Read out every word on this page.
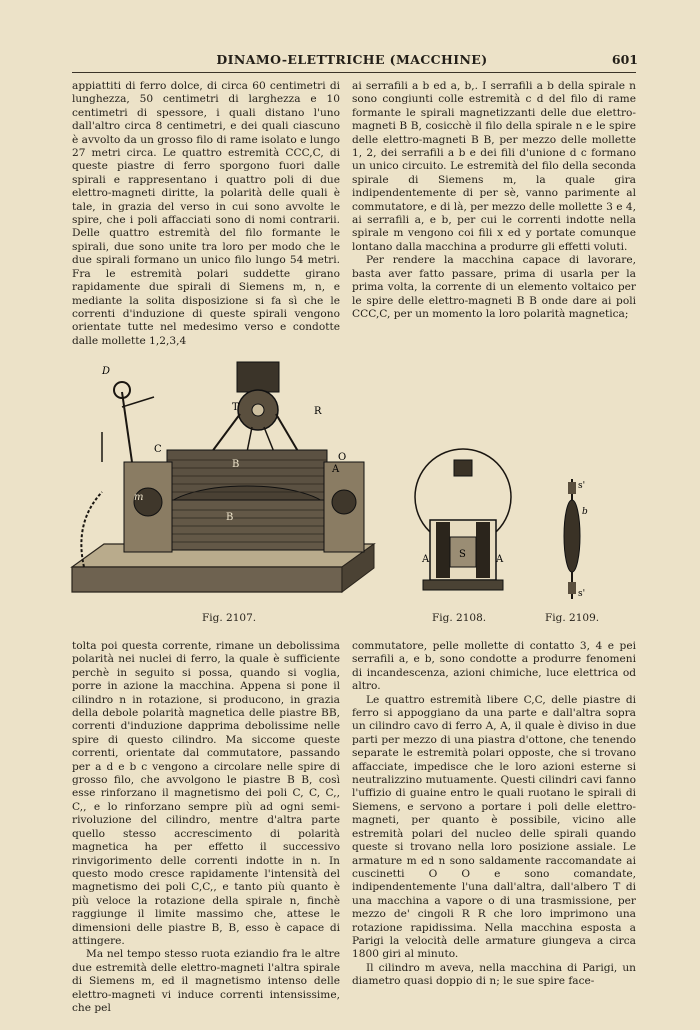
DINAMO-ELETTRICHE (MACCHINE)	601

appiattiti di ferro dolce, di circa 60 centimetri di lunghezza, 50 centimetri di larghezza e 10 centimetri di spessore, i quali distano l'uno dall'altro circa 8 centimetri, e dei quali ciascuno è avvolto da un grosso filo di rame isolato e lungo 27 metri circa. Le quattro estremità CCC,C, di queste piastre di ferro sporgono fuori dalle spirali e rappresentano i quattro poli di due elettro-magneti diritte, la polarità delle quali è tale, in grazia del verso in cui sono avvolte le spire, che i poli affacciati sono di nomi contrarii. Delle quattro estremità del filo formante le spirali, due sono unite tra loro per modo che le due spirali formano un unico filo lungo 54 metri. Fra le estremità polari suddette girano rapidamente due spirali di Siemens m, n, e mediante la solita disposizione si fa sì che le correnti d'induzione di queste spirali vengono orientate tutte nel medesimo verso e condotte dalle mollette 1,2,3,4

ai serrafili a b ed a, b,. I serrafili a b della spirale n sono congiunti colle estremità c d del filo di rame formante le spirali magnetizzanti delle due elettro-magneti B B, cosicchè il filo della spirale n e le spire delle elettro-magneti B B, per mezzo delle mollette 1, 2, dei serrafili a b e dei fili d'unione d c formano un unico circuito. Le estremità del filo della seconda spirale di Siemens m, la quale gira indipendentemente di per sè, vanno parimente al commutatore, e di là, per mezzo delle mollette 3 e 4, ai serrafili a, e b, per cui le correnti indotte nella spirale m vengono coi fili x ed y portate comunque lontano dalla macchina a produrre gli effetti voluti.

Per rendere la macchina capace di lavorare, basta aver fatto passare, prima di usarla per la prima volta, la corrente di un elemento voltaico per le spire delle elettro-magneti B B onde dare ai poli CCC,C, per un momento la loro polarità magnetica;

D
T	R
C
B
B
A
O
m
A	S	A
s'
b
s'
Fig. 2107.	Fig. 2108.	Fig. 2109.

tolta poi questa corrente, rimane un debolissima polarità nei nuclei di ferro, la quale è sufficiente perchè in seguito si possa, quando si voglia, porre in azione la macchina. Appena si pone il cilindro n in rotazione, si producono, in grazia della debole polarità magnetica delle piastre BB, correnti d'induzione dapprima debolissime nelle spire di questo cilindro. Ma siccome queste correnti, orientate dal commutatore, passando per a d e b c vengono a circolare nelle spire di grosso filo, che avvolgono le piastre B B, così esse rinforzano il magnetismo dei poli C, C, C,, C,, e lo rinforzano sempre più ad ogni semi-rivoluzione del cilindro, mentre d'altra parte quello stesso accrescimento di polarità magnetica ha per effetto il successivo rinvigorimento delle correnti indotte in n. In questo modo cresce rapidamente l'intensità del magnetismo dei poli C,C,, e tanto più quanto è più veloce la rotazione della spirale n, finchè raggiunge il limite massimo che, attese le dimensioni delle piastre B, B, esso è capace di attingere.

Ma nel tempo stesso ruota eziandio fra le altre due estremità delle elettro-magneti l'altra spirale di Siemens m, ed il magnetismo intenso delle elettro-magneti vi induce correnti intensissime, che pel

commutatore, pelle mollette di contatto 3, 4 e pei serrafili a, e b, sono condotte a produrre fenomeni di incandescenza, azioni chimiche, luce elettrica od altro.

Le quattro estremità libere C,C, delle piastre di ferro si appoggiano da una parte e dall'altra sopra un cilindro cavo di ferro A, A, il quale è diviso in due parti per mezzo di una piastra d'ottone, che tenendo separate le estremità polari opposte, che si trovano affacciate, impedisce che le loro azioni esterne si neutralizzino mutuamente. Questi cilindri cavi fanno l'uffizio di guaine entro le quali ruotano le spirali di Siemens, e servono a portare i poli delle elettro-magneti, per quanto è possibile, vicino alle estremità polari del nucleo delle spirali quando queste si trovano nella loro posizione assiale. Le armature m ed n sono saldamente raccomandate ai cuscinetti O O e sono comandate, indipendentemente l'una dall'altra, dall'albero T di una macchina a vapore o di una trasmissione, per mezzo de' cingoli R R che loro imprimono una rotazione rapidissima. Nella macchina esposta a Parigi la velocità delle armature giungeva a circa 1800 giri al minuto.

Il cilindro m aveva, nella macchina di Parigi, un diametro quasi doppio di n; le sue spire face-
